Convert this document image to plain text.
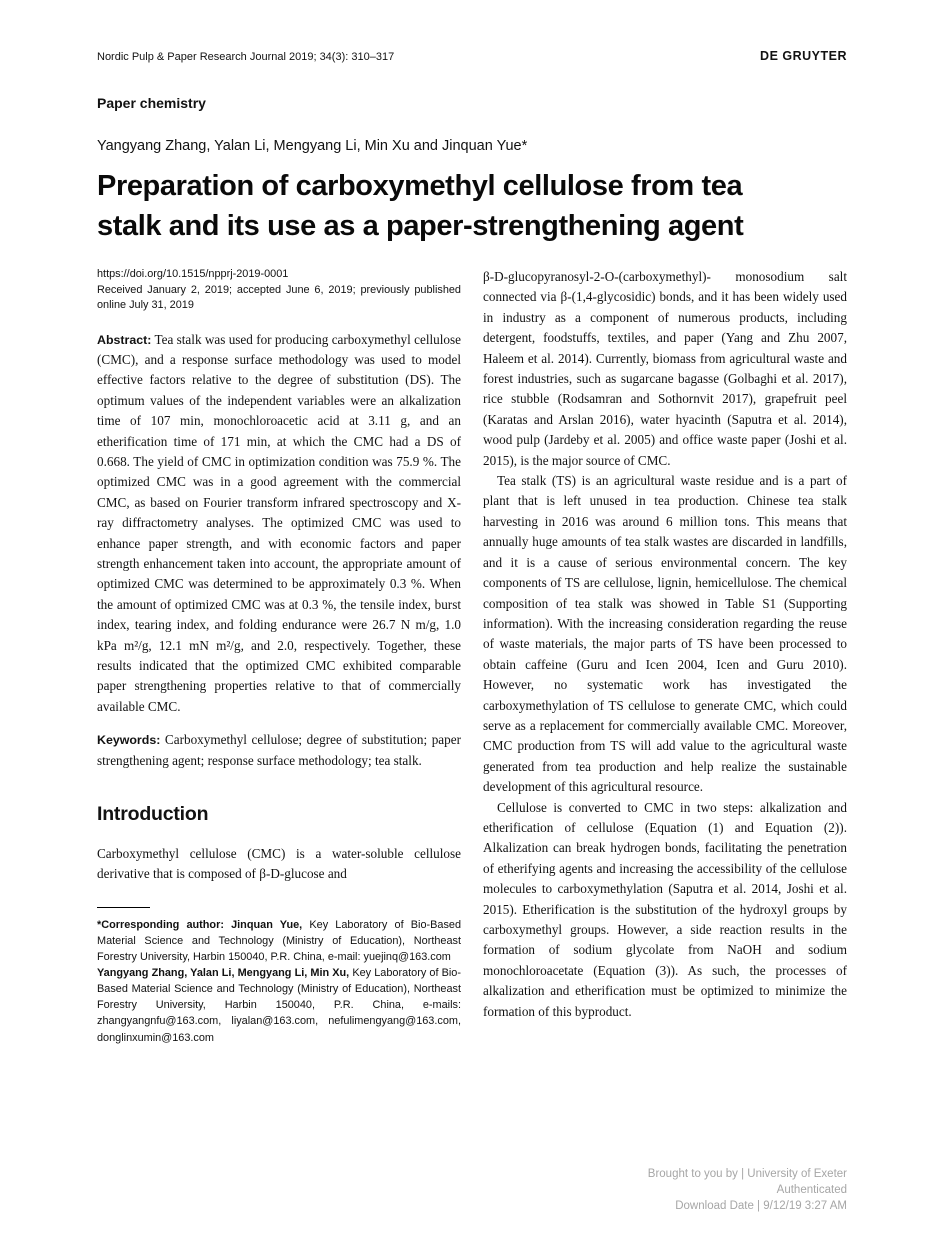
Nordic Pulp & Paper Research Journal 2019; 34(3): 310–317	DE GRUYTER
Paper chemistry
Yangyang Zhang, Yalan Li, Mengyang Li, Min Xu and Jinquan Yue*
Preparation of carboxymethyl cellulose from tea
stalk and its use as a paper-strengthening agent
https://doi.org/10.1515/npprj-2019-0001
Received January 2, 2019; accepted June 6, 2019; previously published online July 31, 2019

Abstract: Tea stalk was used for producing carboxymethyl cellulose (CMC), and a response surface methodology was used to model effective factors relative to the degree of substitution (DS). The optimum values of the independent variables were an alkalization time of 107 min, monochloroacetic acid at 3.11 g, and an etherification time of 171 min, at which the CMC had a DS of 0.668. The yield of CMC in optimization condition was 75.9 %. The optimized CMC was in a good agreement with the commercial CMC, as based on Fourier transform infrared spectroscopy and X-ray diffractometry analyses. The optimized CMC was used to enhance paper strength, and with economic factors and paper strength enhancement taken into account, the appropriate amount of optimized CMC was determined to be approximately 0.3 %. When the amount of optimized CMC was at 0.3 %, the tensile index, burst index, tearing index, and folding endurance were 26.7 N m/g, 1.0 kPa m²/g, 12.1 mN m²/g, and 2.0, respectively. Together, these results indicated that the optimized CMC exhibited comparable paper strengthening properties relative to that of commercially available CMC.

Keywords: Carboxymethyl cellulose; degree of substitution; paper strengthening agent; response surface methodology; tea stalk.

Introduction

Carboxymethyl cellulose (CMC) is a water-soluble cellulose derivative that is composed of β-D-glucose and

*Corresponding author: Jinquan Yue, Key Laboratory of Bio-Based Material Science and Technology (Ministry of Education), Northeast Forestry University, Harbin 150040, P.R. China, e-mail: yuejinq@163.com

Yangyang Zhang, Yalan Li, Mengyang Li, Min Xu, Key Laboratory of Bio-Based Material Science and Technology (Ministry of Education), Northeast Forestry University, Harbin 150040, P.R. China, e-mails: zhangyangnfu@163.com, liyalan@163.com, nefulimengyang@163.com, donglinxumin@163.com

β-D-glucopyranosyl-2-O-(carboxymethyl)- monosodium salt connected via β-(1,4-glycosidic) bonds, and it has been widely used in industry as a component of numerous products, including detergent, foodstuffs, textiles, and paper (Yang and Zhu 2007, Haleem et al. 2014). Currently, biomass from agricultural waste and forest industries, such as sugarcane bagasse (Golbaghi et al. 2017), rice stubble (Rodsamran and Sothornvit 2017), grapefruit peel (Karatas and Arslan 2016), water hyacinth (Saputra et al. 2014), wood pulp (Jardeby et al. 2005) and office waste paper (Joshi et al. 2015), is the major source of CMC.

Tea stalk (TS) is an agricultural waste residue and is a part of plant that is left unused in tea production. Chinese tea stalk harvesting in 2016 was around 6 million tons. This means that annually huge amounts of tea stalk wastes are discarded in landfills, and it is a cause of serious environmental concern. The key components of TS are cellulose, lignin, hemicellulose. The chemical composition of tea stalk was showed in Table S1 (Supporting information). With the increasing consideration regarding the reuse of waste materials, the major parts of TS have been processed to obtain caffeine (Guru and Icen 2004, Icen and Guru 2010). However, no systematic work has investigated the carboxymethylation of TS cellulose to generate CMC, which could serve as a replacement for commercially available CMC. Moreover, CMC production from TS will add value to the agricultural waste generated from tea production and help realize the sustainable development of this agricultural resource.

Cellulose is converted to CMC in two steps: alkalization and etherification of cellulose (Equation (1) and Equation (2)). Alkalization can break hydrogen bonds, facilitating the penetration of etherifying agents and increasing the accessibility of the cellulose molecules to carboxymethylation (Saputra et al. 2014, Joshi et al. 2015). Etherification is the substitution of the hydroxyl groups by carboxymethyl groups. However, a side reaction results in the formation of sodium glycolate from NaOH and sodium monochloroacetate (Equation (3)). As such, the processes of alkalization and etherification must be optimized to minimize the formation of this byproduct.

Brought to you by | University of Exeter
Authenticated
Download Date | 9/12/19 3:27 AM
